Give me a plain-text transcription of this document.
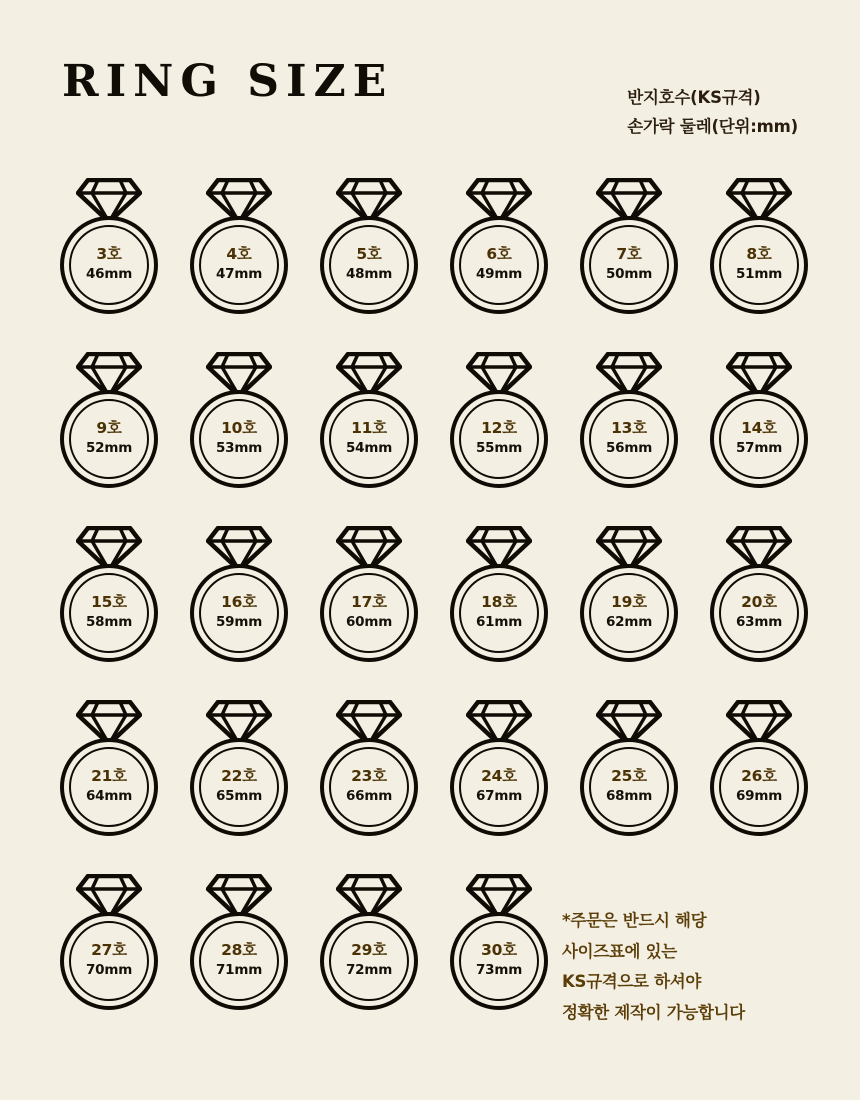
RING SIZE	반지호수(KS규격)
손가락 둘레(단위:mm)
3호
46mm
4호
47mm
5호
48mm
6호
49mm
7호
50mm
8호
51mm
9호
52mm
10호
53mm
11호
54mm
12호
55mm
13호
56mm
14호
57mm
15호
58mm
16호
59mm
17호
60mm
18호
61mm
19호
62mm
20호
63mm
21호
64mm
22호
65mm
23호
66mm
24호
67mm
25호
68mm
26호
69mm
27호
70mm
28호
71mm
29호
72mm
30호
73mm
*주문은 반드시 해당
사이즈표에 있는
KS규격으로 하셔야
정확한 제작이 가능합니다
